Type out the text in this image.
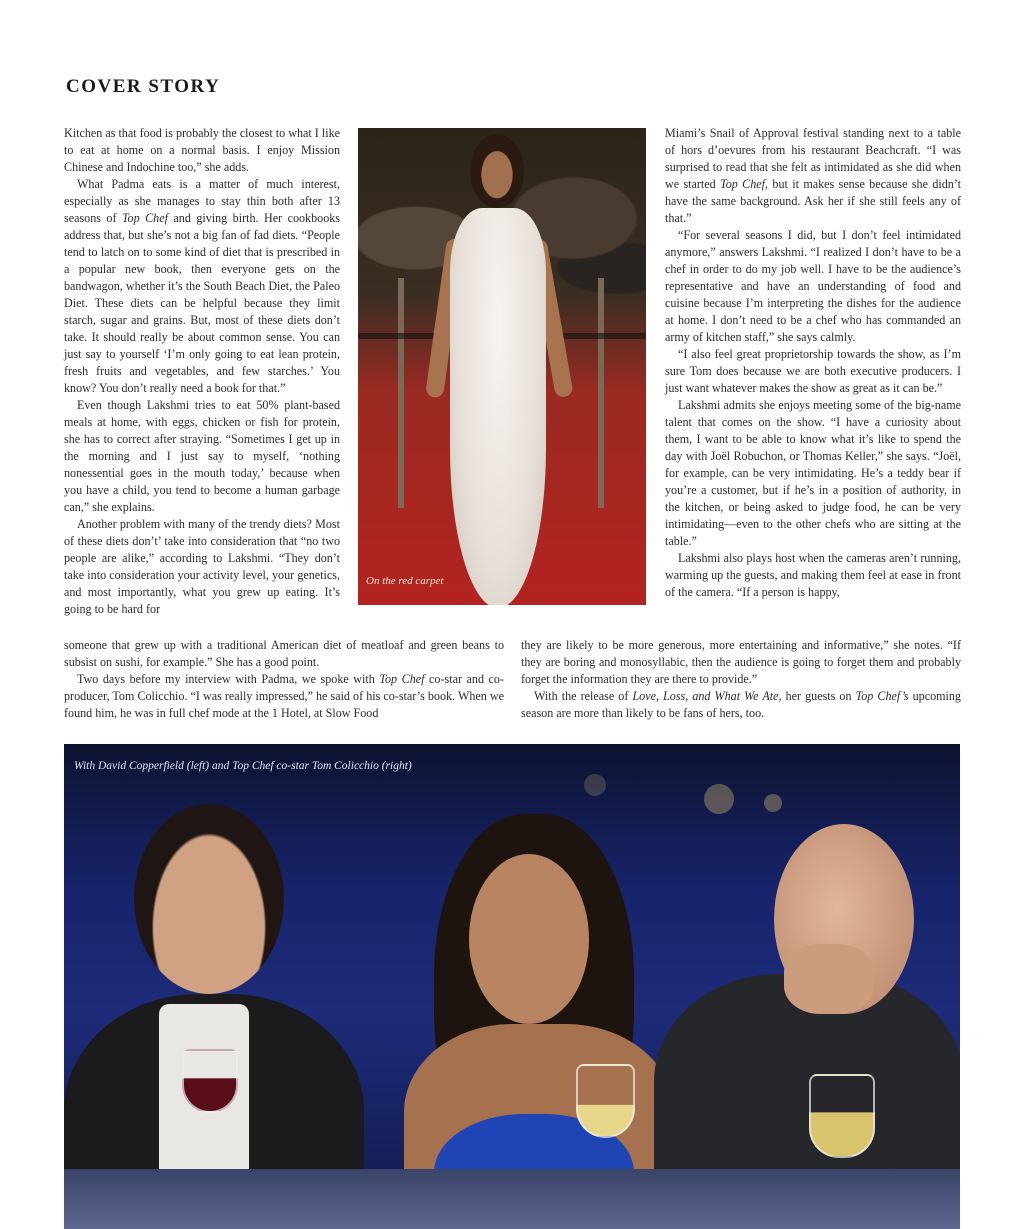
COVER STORY

Kitchen as that food is probably the closest to what I like to eat at home on a normal basis. I enjoy Mission Chinese and Indochine too,” she adds.

What Padma eats is a matter of much interest, especially as she manages to stay thin both after 13 seasons of Top Chef and giving birth. Her cookbooks address that, but she’s not a big fan of fad diets. “People tend to latch on to some kind of diet that is prescribed in a popular new book, then everyone gets on the bandwagon, whether it’s the South Beach Diet, the Paleo Diet. These diets can be helpful because they limit starch, sugar and grains. But, most of these diets don’t take. It should really be about common sense. You can just say to yourself ‘I’m only going to eat lean protein, fresh fruits and vegetables, and few starches.’ You know? You don’t really need a book for that.”

Even though Lakshmi tries to eat 50% plant-based meals at home, with eggs, chicken or fish for protein, she has to correct after straying. “Sometimes I get up in the morning and I just say to myself, ‘nothing nonessential goes in the mouth today,’ because when you have a child, you tend to become a human garbage can,” she explains.

Another problem with many of the trendy diets? Most of these diets don’t’ take into consideration that “no two people are alike,” according to Lakshmi. “They don’t take into consideration your activity level, your genetics, and most importantly, what you grew up eating. It’s going to be hard for

On the red carpet

Miami’s Snail of Approval festival standing next to a table of hors d’oevures from his restaurant Beachcraft. “I was surprised to read that she felt as intimidated as she did when we started Top Chef, but it makes sense because she didn’t have the same background. Ask her if she still feels any of that.”

“For several seasons I did, but I don’t feel intimidated anymore,” answers Lakshmi. “I realized I don’t have to be a chef in order to do my job well. I have to be the audience’s representative and have an understanding of food and cuisine because I’m interpreting the dishes for the audience at home. I don’t need to be a chef who has commanded an army of kitchen staff,” she says calmly.

“I also feel great proprietorship towards the show, as I’m sure Tom does because we are both executive producers. I just want whatever makes the show as great as it can be.”

Lakshmi admits she enjoys meeting some of the big-name talent that comes on the show. “I have a curiosity about them, I want to be able to know what it’s like to spend the day with Joël Robuchon, or Thomas Keller,” she says. “Joël, for example, can be very intimidating. He’s a teddy bear if you’re a customer, but if he’s in a position of authority, in the kitchen, or being asked to judge food, he can be very intimidating—even to the other chefs who are sitting at the table.”

Lakshmi also plays host when the cameras aren’t running, warming up the guests, and making them feel at ease in front of the camera. “If a person is happy,

someone that grew up with a traditional American diet of meatloaf and green beans to subsist on sushi, for example.” She has a good point.

Two days before my interview with Padma, we spoke with Top Chef co-star and co-producer, Tom Colicchio. “I was really impressed,” he said of his co-star’s book. When we found him, he was in full chef mode at the 1 Hotel, at Slow Food

they are likely to be more generous, more entertaining and informative,” she notes. “If they are boring and monosyllabic, then the audience is going to forget them and probably forget the information they are there to provide.”

With the release of Love, Loss, and What We Ate, her guests on Top Chef’s upcoming season are more than likely to be fans of hers, too.

With David Copperfield (left) and Top Chef co-star Tom Colicchio (right)
